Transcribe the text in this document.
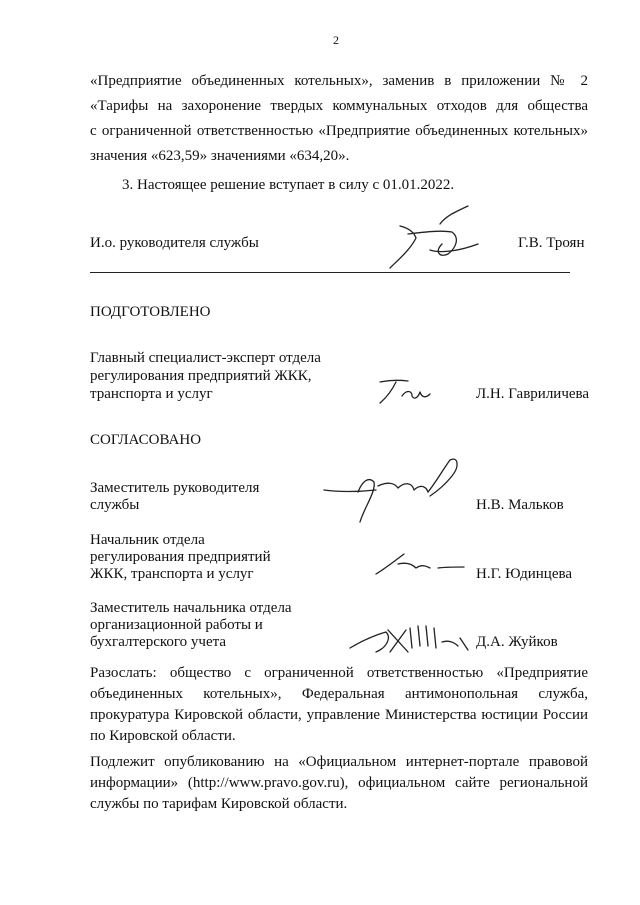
2
«Предприятие объединенных котельных», заменив в приложении № 2
«Тарифы на захоронение твердых коммунальных отходов для общества
с ограниченной ответственностью «Предприятие объединенных котельных»
значения «623,59» значениями «634,20».
3. Настоящее решение вступает в силу с 01.01.2022.
И.о. руководителя службы	Г.В. Троян
ПОДГОТОВЛЕНО
Главный специалист-эксперт отдела
регулирования предприятий ЖКК,
транспорта и услуг	Л.Н. Гавриличева
СОГЛАСОВАНО
Заместитель руководителя
службы	Н.В. Мальков
Начальник отдела
регулирования предприятий
ЖКК, транспорта и услуг	Н.Г. Юдинцева
Заместитель начальника отдела
организационной работы и
бухгалтерского учета	Д.А. Жуйков
Разослать: общество с ограниченной ответственностью «Предприятие
объединенных котельных», Федеральная антимонопольная служба,
прокуратура Кировской области, управление Министерства юстиции России
по Кировской области.
Подлежит опубликованию на «Официальном интернет-портале правовой
информации» (http://www.pravo.gov.ru), официальном сайте региональной
службы по тарифам Кировской области.
